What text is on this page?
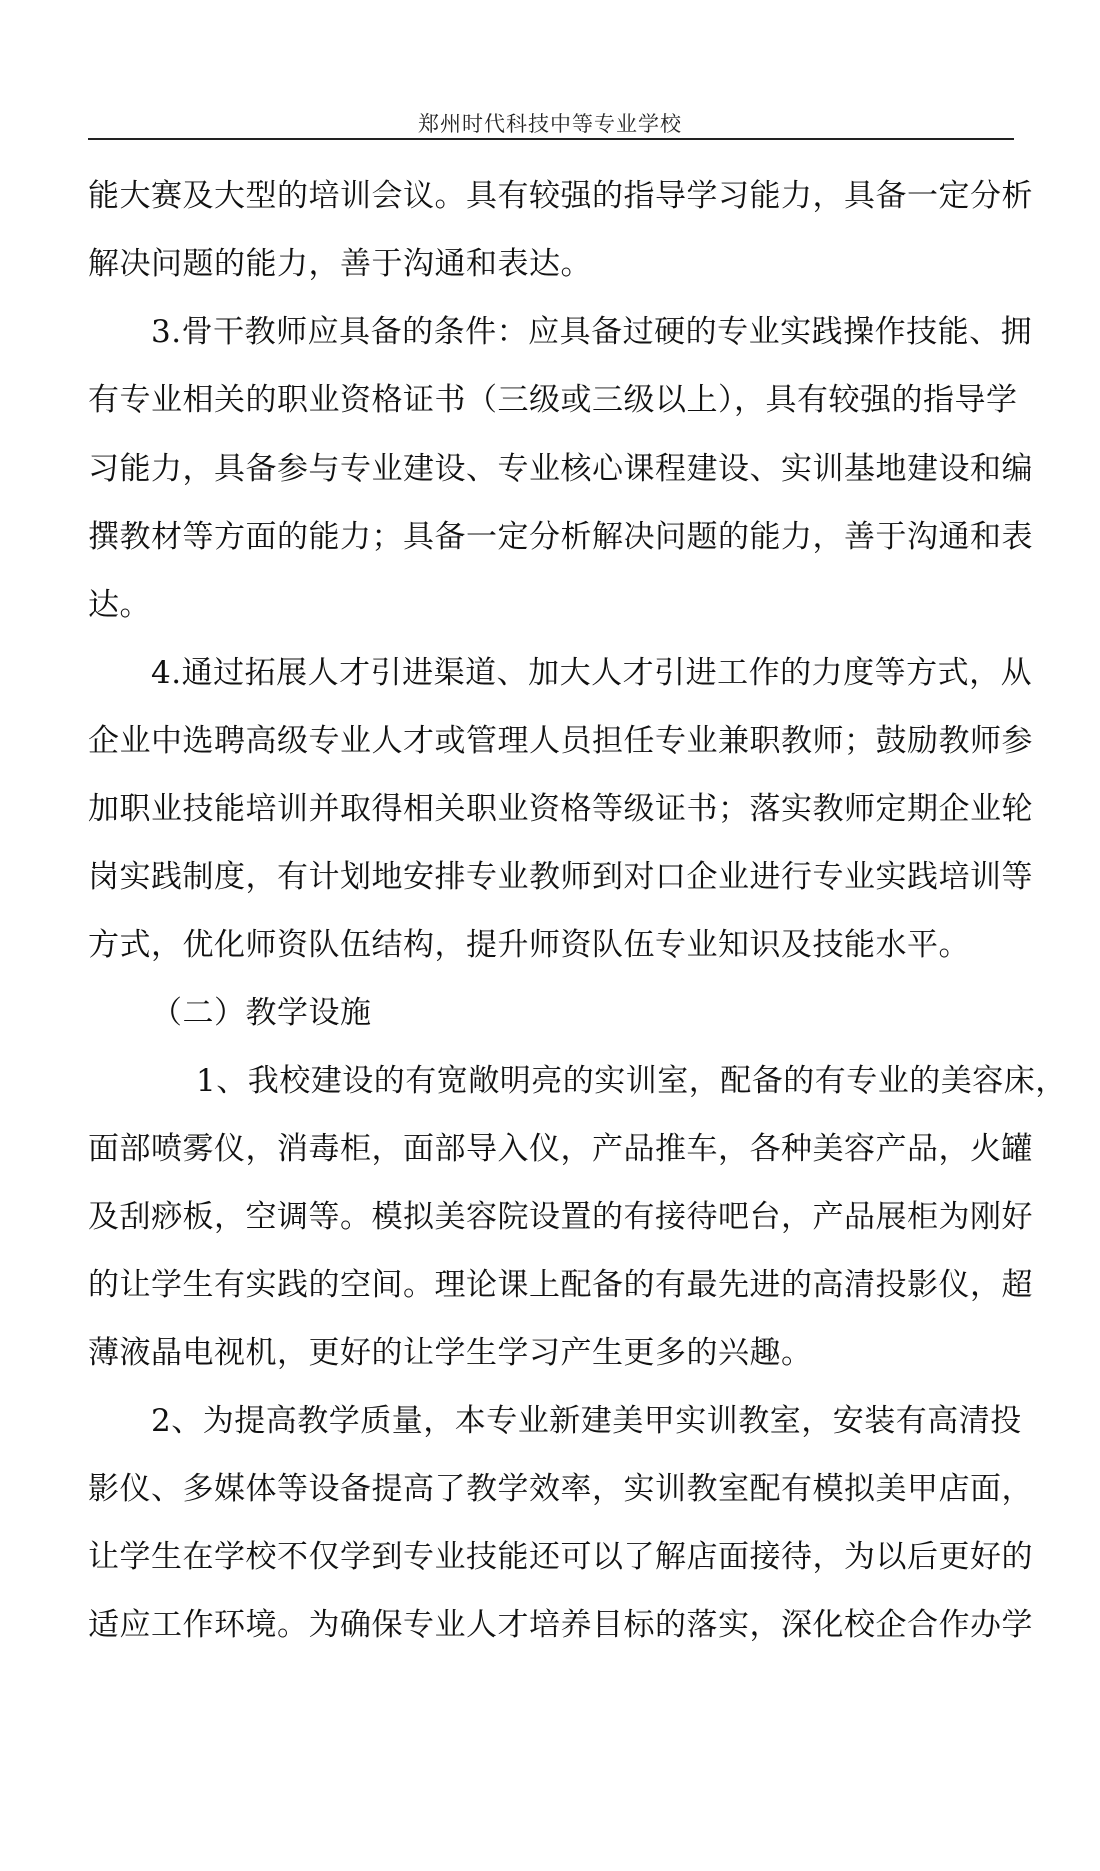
郑州时代科技中等专业学校
能大赛及大型的培训会议。具有较强的指导学习能力，具备一定分析
解决问题的能力，善于沟通和表达。
3.骨干教师应具备的条件：应具备过硬的专业实践操作技能、拥
有专业相关的职业资格证书（三级或三级以上），具有较强的指导学
习能力，具备参与专业建设、专业核心课程建设、实训基地建设和编
撰教材等方面的能力；具备一定分析解决问题的能力，善于沟通和表
达。
4.通过拓展人才引进渠道、加大人才引进工作的力度等方式，从
企业中选聘高级专业人才或管理人员担任专业兼职教师；鼓励教师参
加职业技能培训并取得相关职业资格等级证书；落实教师定期企业轮
岗实践制度，有计划地安排专业教师到对口企业进行专业实践培训等
方式，优化师资队伍结构，提升师资队伍专业知识及技能水平。
（二）教学设施
1、我校建设的有宽敞明亮的实训室，配备的有专业的美容床，
面部喷雾仪，消毒柜，面部导入仪，产品推车，各种美容产品，火罐
及刮痧板，空调等。模拟美容院设置的有接待吧台，产品展柜为刚好
的让学生有实践的空间。理论课上配备的有最先进的高清投影仪，超
薄液晶电视机，更好的让学生学习产生更多的兴趣。
2、为提高教学质量，本专业新建美甲实训教室，安装有高清投
影仪、多媒体等设备提高了教学效率，实训教室配有模拟美甲店面，
让学生在学校不仅学到专业技能还可以了解店面接待，为以后更好的
适应工作环境。为确保专业人才培养目标的落实，深化校企合作办学
